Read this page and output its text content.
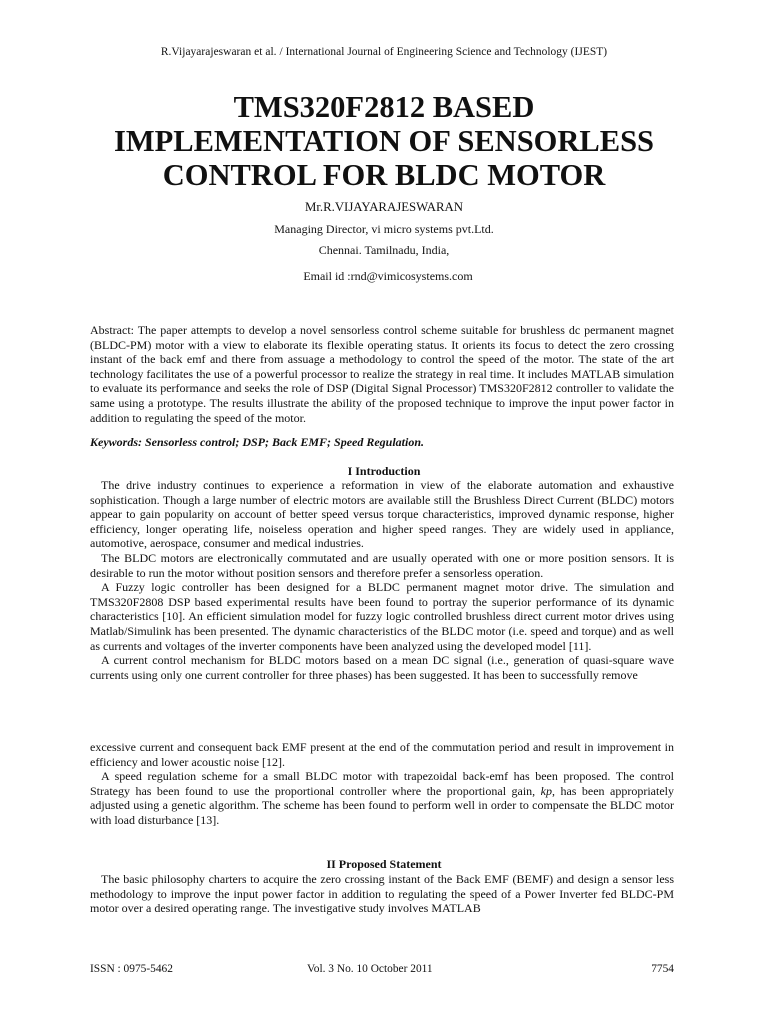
R.Vijayarajeswaran et al. / International Journal of Engineering Science and Technology (IJEST)
TMS320F2812 BASED
IMPLEMENTATION OF SENSORLESS
CONTROL FOR BLDC MOTOR
Mr.R.VIJAYARAJESWARAN
Managing Director, vi micro systems pvt.Ltd.
Chennai. Tamilnadu, India,
Email id :rnd@vimicosystems.com

Abstract: The paper attempts to develop a novel sensorless control scheme suitable for brushless dc permanent magnet (BLDC-PM) motor with a view to elaborate its flexible operating status. It orients its focus to detect the zero crossing instant of the back emf and there from assuage a methodology to control the speed of the motor. The state of the art technology facilitates the use of a powerful processor to realize the strategy in real time. It includes MATLAB simulation to evaluate its performance and seeks the role of DSP (Digital Signal Processor) TMS320F2812 controller to validate the same using a prototype. The results illustrate the ability of the proposed technique to improve the input power factor in addition to regulating the speed of the motor.

Keywords: Sensorless control; DSP; Back EMF; Speed Regulation.
I Introduction

The drive industry continues to experience a reformation in view of the elaborate automation and exhaustive sophistication. Though a large number of electric motors are available still the Brushless Direct Current (BLDC) motors appear to gain popularity on account of better speed versus torque characteristics, improved dynamic response, higher efficiency, longer operating life, noiseless operation and higher speed ranges. They are widely used in appliance, automotive, aerospace, consumer and medical industries.

The BLDC motors are electronically commutated and are usually operated with one or more position sensors. It is desirable to run the motor without position sensors and therefore prefer a sensorless operation.

A Fuzzy logic controller has been designed for a BLDC permanent magnet motor drive. The simulation and TMS320F2808 DSP based experimental results have been found to portray the superior performance of its dynamic characteristics [10]. An efficient simulation model for fuzzy logic controlled brushless direct current motor drives using Matlab/Simulink has been presented. The dynamic characteristics of the BLDC motor (i.e. speed and torque) and as well as currents and voltages of the inverter components have been analyzed using the developed model [11].

A current control mechanism for BLDC motors based on a mean DC signal (i.e., generation of quasi-square wave currents using only one current controller for three phases) has been suggested. It has been to successfully remove

excessive current and consequent back EMF present at the end of the commutation period and result in improvement in efficiency and lower acoustic noise [12].

A speed regulation scheme for a small BLDC motor with trapezoidal back-emf has been proposed. The control Strategy has been found to use the proportional controller where the proportional gain, kp, has been appropriately adjusted using a genetic algorithm. The scheme has been found to perform well in order to compensate the BLDC motor with load disturbance [13].

II Proposed Statement

The basic philosophy charters to acquire the zero crossing instant of the Back EMF (BEMF) and design a sensor less methodology to improve the input power factor in addition to regulating the speed of a Power Inverter fed BLDC-PM motor over a desired operating range. The investigative study involves MATLAB

ISSN : 0975-5462	Vol. 3 No. 10 October 2011	7754
